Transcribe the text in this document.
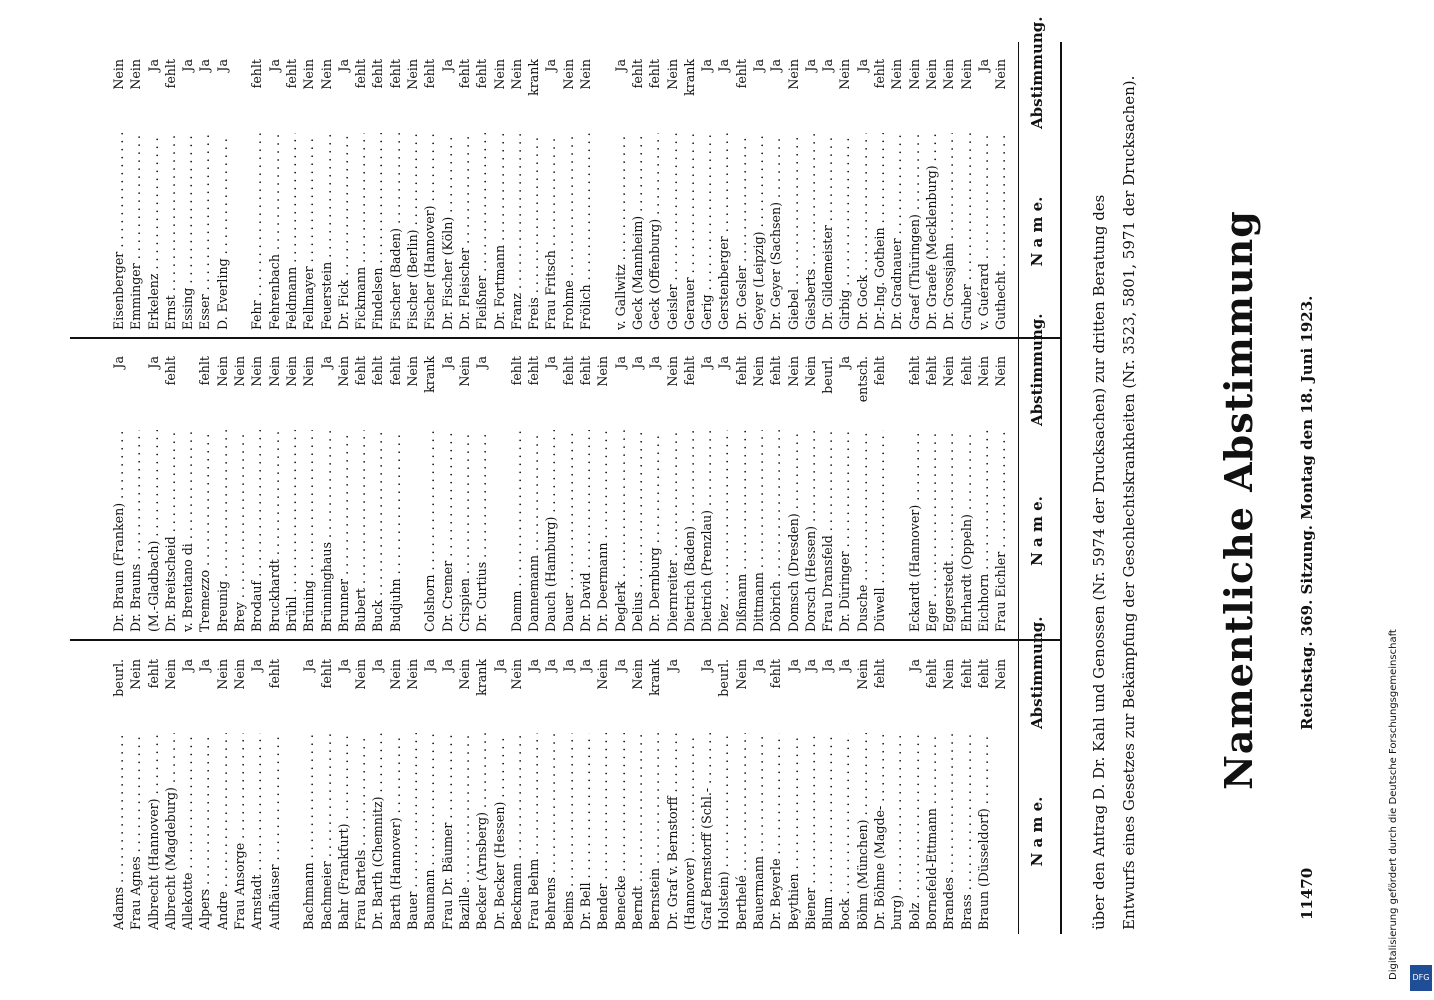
11470
Reichstag. 369. Sitzung. Montag den 18. Juni 1923.
Namentliche Abstimmung
über den Antrag D. Dr. Kahl und Genossen (Nr. 5974 der Drucksachen) zur dritten Beratung des Entwurfs eines Gesetzes zur Bekämpfung der Geschlechtskrankheiten (Nr. 3523, 5801, 5971 der Drucksachen).
N a m e.
Abstimmung.
N a m e.
Abstimmung.
N a m e.
Abstimmung.
Adams . . .
beurl.
Frau Agnes . . .
Nein
Albrecht (Hannover) . . .
fehlt
Albrecht (Magdeburg) . . .
Nein
Allekotte . . .
Ja
Alpers . . .
Ja
Andre . . .
Nein
Frau Ansorge . . .
Nein
Arnstadt . . .
Ja
Aufhäuser . . .
fehlt
Bachmann . . .
Ja
Bachmeier . . .
fehlt
Bahr (Frankfurt) . . .
Ja
Frau Bartels . . .
Nein
Dr. Barth (Chemnitz) . . .
Ja
Barth (Hannover) . . .
Nein
Bauer . . .
Nein
Baumann . . .
Ja
Frau Dr. Bäumer . . .
Ja
Bazille . . .
Nein
Becker (Arnsberg) . . .
krank
Dr. Becker (Hessen) . . .
Ja
Beckmann . . .
Nein
Frau Behm . . .
Ja
Behrens . . .
Ja
Beims . . .
Ja
Dr. Bell . . .
Ja
Bender . . .
Nein
Benecke . . .
Ja
Berndt . . .
Nein
Bernstein . . .
krank
Dr. Graf v. Bernstorff . . .
Ja
(Hannover) . . . Graf Bernstorff (Schl.- . . .
Ja
Holstein) . . .
beurl.
Berthelé . . .
Nein
Bauermann . . .
Ja
Dr. Beyerle . . .
fehlt
Beythien . . .
Ja
Biener . . .
Ja
Blum . . .
Ja
Bock . . .
Ja
Böhm (München) . . .
Nein
Dr. Böhme (Magde- . . .
fehlt
burg) . . . Bolz . . .
Ja
Bornefeld-Ettmann . . .
fehlt
Brandes . . .
Nein
Brass . . .
fehlt
Braun (Düsseldorf) . . .
fehlt Nein
Dr. Braun (Franken) . . .
Ja
Dr. Brauns . . . (M.-Gladbach) . . .
Ja
Dr. Breitscheid . . .
fehlt
v. Brentano di . . . Tremezzo . . .
fehlt
Breunig . . .
Nein
Brey . . .
Nein
Brodauf . . .
Nein
Bruckhardt . . .
Nein
Brühl . . .
Nein
Brüning . . .
Nein
Brünninghaus . . .
Ja
Brunner . . .
Nein
Bubert . . .
fehlt
Buck . . .
fehlt
Budjuhn . . .
fehlt Nein
Colshorn . . .
krank
Dr. Cremer . . .
Ja
Crispien . . .
Nein
Dr. Curtius . . .
Ja
Damm . . .
fehlt
Dannemann . . .
fehlt
Dauch (Hamburg) . . .
Ja
Dauer . . .
fehlt
Dr. David . . .
fehlt
Dr. Deermann . . .
Nein
Deglerk . . .
Ja
Delius . . .
Ja
Dr. Dernburg . . .
Ja
Diernreiter . . .
Nein
Dietrich (Baden) . . .
fehlt
Dietrich (Prenzlau) . . .
Ja
Diez . . .
Ja
Dißmann . . .
fehlt
Dittmann . . .
Nein
Döbrich . . .
fehlt
Domsch (Dresden) . . .
Nein
Dorsch (Hessen) . . .
Nein
Frau Dransfeld . . .
beurl.
Dr. Düringer . . .
Ja
Dusche . . .
entsch.
Düwell . . .
fehlt
Eckardt (Hannover) . . .
fehlt
Eger . . .
fehlt
Eggerstedt . . .
Nein
Ehrhardt (Oppeln) . . .
fehlt
Eichhorn . . .
Nein
Frau Eichler . . .
Nein
Eisenberger . . .
Nein
Emminger . . .
Nein
Erkelenz . . .
Ja
Ernst . . .
fehlt
Essing . . .
Ja
Esser . . .
Ja
D. Everling . . .
Ja
Fehr . . .
fehlt
Fehrenbach . . .
Ja
Feldmann . . .
fehlt
Fellmayer . . .
Nein
Feuerstein . . .
Nein
Dr. Fick . . .
Ja
Fickmann . . .
fehlt
Findelsen . . .
fehlt
Fischer (Baden) . . .
fehlt
Fischer (Berlin) . . .
Nein
Fischer (Hannover) . . .
fehlt
Dr. Fischer (Köln) . . .
Ja
Dr. Fleischer . . .
fehlt
Fleißner . . .
fehlt
Dr. Fortmann . . .
Nein
Franz . . .
Nein
Freis . . .
krank
Frau Fritsch . . .
Ja
Frohme . . .
Nein
Frölich . . .
Nein
v. Gallwitz . . .
Ja
Geck (Mannheim) . . .
fehlt
Geck (Offenburg) . . .
fehlt
Geisler . . .
Nein
Gerauer . . .
krank
Gerig . . .
Ja
Gerstenberger . . .
Ja
Dr. Gesler . . .
fehlt
Geyer (Leipzig) . . .
Ja
Dr. Geyer (Sachsen) . . .
Ja
Giebel . . .
Nein
Giesberts . . .
Ja
Dr. Gildemeister . . .
Ja
Girbig . . .
Nein
Dr. Gock . . .
Ja
Dr.-Ing. Gothein . . .
fehlt
Dr. Gradnauer . . .
Nein
Graef (Thüringen) . . .
Nein
Dr. Graefe (Mecklenburg) . . .
Nein
Dr. Grossjahn . . .
Nein
Gruber . . .
Nein
v. Guérard . . .
Ja
Guthecht . . .
Nein
Digitalisierung gefördert durch die Deutsche Forschungsgemeinschaft	DFG
